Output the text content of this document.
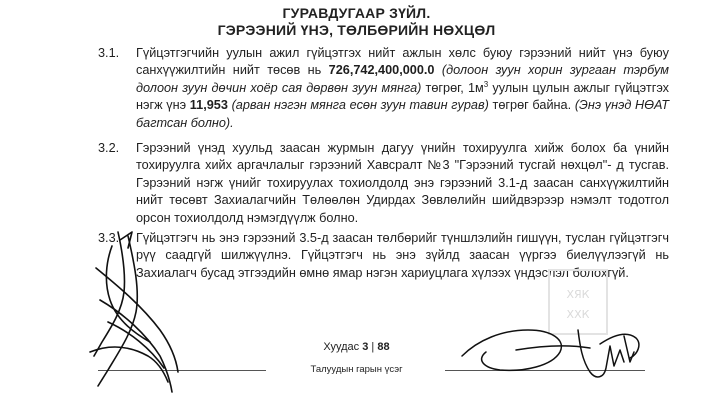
ГУРАВДУГААР ЗҮЙЛ.
ГЭРЭЭНИЙ ҮНЭ, ТӨЛБӨРИЙН НӨХЦӨЛ
3.1.	Гүйцэтгэгчийн уулын ажил гүйцэтгэх нийт ажлын хөлс буюу гэрээний нийт үнэ буюу санхүүжилтийн нийт төсөв нь 726,742,400,000.0 (долоон зуун хорин зургаан тэрбум долоон зуун дөчин хоёр сая дөрвөн зуун мянга) төгрөг, $1м^3$ уулын цулын ажлыг гүйцэтгэх нэгж үнэ 11,953 (арван нэгэн мянга есөн зуун тавин гурав) төгрөг байна. (Энэ үнэд НӨАТ багтсан болно).
3.2.	Гэрээний үнэд хуульд заасан журмын дагуу үнийн тохируулга хийж болох ба үнийн тохируулга хийх аргачлалыг гэрээний Хавсралт №3 "Гэрээний тусгай нөхцөл"- д тусгав. Гэрээний нэгж үнийг тохируулах тохиолдолд энэ гэрээний 3.1-д заасан санхүүжилтийн нийт төсөвт Захиалагчийн Төлөөлөн Удирдах Зөвлөлийн шийдвэрээр нэмэлт тодотгол орсон тохиолдолд нэмэгдүүлж болно.
3.3.	Гүйцэтгэгч нь энэ гэрээний 3.5-д заасан төлбөрийг түншлэлийн гишүүн, туслан гүйцэтгэгч рүү саадгүй шилжүүлнэ. Гүйцэтгэгч нь энэ зүйлд заасан үүргээ биелүүлээгүй нь Захиалагч бусад этгээдийн өмнө ямар нэгэн хариуцлага хүлээх үндэслэл болохгүй.
ХЯК
ХХК
Хуудас 3 | 88
Талуудын гарын үсэг
